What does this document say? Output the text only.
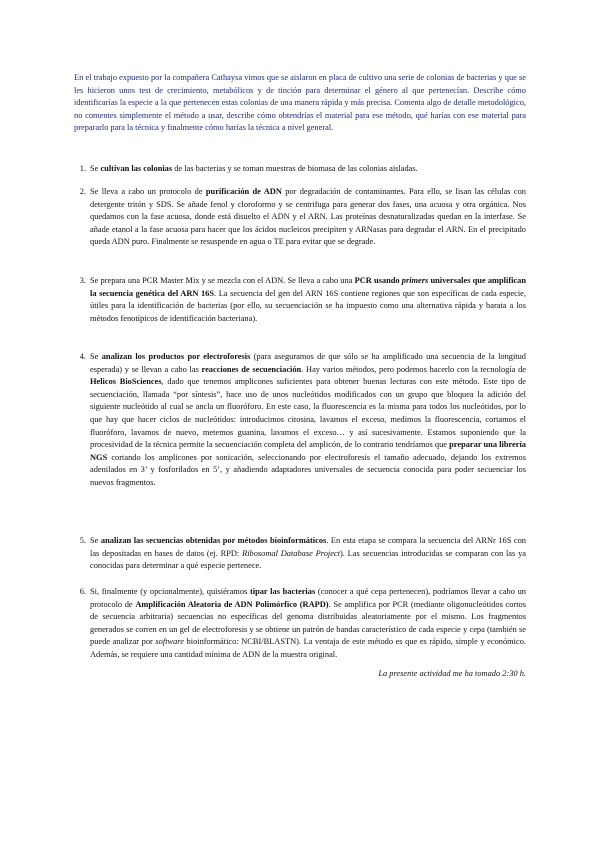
En el trabajo expuesto por la compañera Cathaysa vimos que se aislaron en placa de cultivo una serie de colonias de bacterias y que se les hicieron unos test de crecimiento, metabólicos y de tinción para determinar el género al que pertenecían. Describe cómo identificarías la especie a la que pertenecen estas colonias de una manera rápida y más precisa. Comenta algo de detalle metodológico, no comentes simplemente el método a usar, describe cómo obtendrías el material para ese método, qué harías con ese material para prepararlo para la técnica y finalmente cómo harías la técnica a nivel general.

1. Se cultivan las colonias de las bacterias y se toman muestras de biomasa de las colonias aisladas.

2. Se lleva a cabo un protocolo de purificación de ADN por degradación de contaminantes. Para ello, se lisan las células con detergente tritón y SDS. Se añade fenol y cloroformo y se centrifuga para generar dos fases, una acuosa y otra orgánica. Nos quedamos con la fase acuosa, donde está disuelto el ADN y el ARN. Las proteínas desnaturalizadas quedan en la interfase. Se añade etanol a la fase acuosa para hacer que los ácidos nucleicos precipiten y ARNasas para degradar el ARN. En el precipitado queda ADN puro. Finalmente se resuspende en agua o TE para evitar que se degrade.

3. Se prepara una PCR Master Mix y se mezcla con el ADN. Se lleva a cabo una PCR usando primers universales que amplifican la secuencia genética del ARN 16S. La secuencia del gen del ARN 16S contiene regiones que son específicas de cada especie, útiles para la identificación de bacterias (por ello, su secuenciación se ha impuesto como una alternativa rápida y barata a los métodos fenotípicos de identificación bacteriana).

4. Se analizan los productos por electroforesis (para aseguramos de que sólo se ha amplificado una secuencia de la longitud esperada) y se llevan a cabo las reacciones de secuenciación. Hay varios métodos, pero podemos hacerlo con la tecnología de Helicos BioSciences, dado que tenemos amplicones suficientes para obtener buenas lecturas con este método. Este tipo de secuenciación, llamada “por síntesis”, hace uso de unos nucleótidos modificados con un grupo que bloquea la adición del siguiente nucleótido al cual se ancla un fluoróforo. En este caso, la fluorescencia es la misma para todos los nucleótidos, por lo que hay que hacer ciclos de nucleótidos: introducimos citosina, lavamos el exceso, medimos la fluorescencia, cortamos el fluoróforo, lavamos de nuevo, metemos guanina, lavamos el exceso… y así sucesivamente. Estamos suponiendo que la procesividad de la técnica permite la secuenciación completa del amplicón, de lo contrario tendríamos que preparar una librería NGS cortando los amplicones por sonicación, seleccionando por electroforesis el tamaño adecuado, dejando los extremos adenilados en 3’ y fosforilados en 5’, y añadiendo adaptadores universales de secuencia conocida para poder secuenciar los nuevos fragmentos.

5. Se analizan las secuencias obtenidas por métodos bioinformáticos. En esta etapa se compara la secuencia del ARNr 16S con las depositadas en bases de datos (ej. RPD: Ribosomal Database Project). Las secuencias introducidas se comparan con las ya conocidas para determinar a qué especie pertenece.

6. Si, finalmente (y opcionalmente), quisiéramos tipar las bacterias (conocer a qué cepa pertenecen), podríamos llevar a cabo un protocolo de Amplificación Aleatoria de ADN Polimórfico (RAPD). Se amplifica por PCR (mediante oligonucleótidos cortos de secuencia arbitraria) secuencias no específicas del genoma distribuidas aleatoriamente por el mismo. Los fragmentos generados se corren en un gel de electroforesis y se obtiene un patrón de bandas característico de cada especie y cepa (también se puede analizar por software bioinformático: NCBI/BLASTN). La ventaja de este método es que es rápido, simple y económico. Además, se requiere una cantidad mínima de ADN de la muestra original.

La presente actividad me ha tomado 2:30 h.
